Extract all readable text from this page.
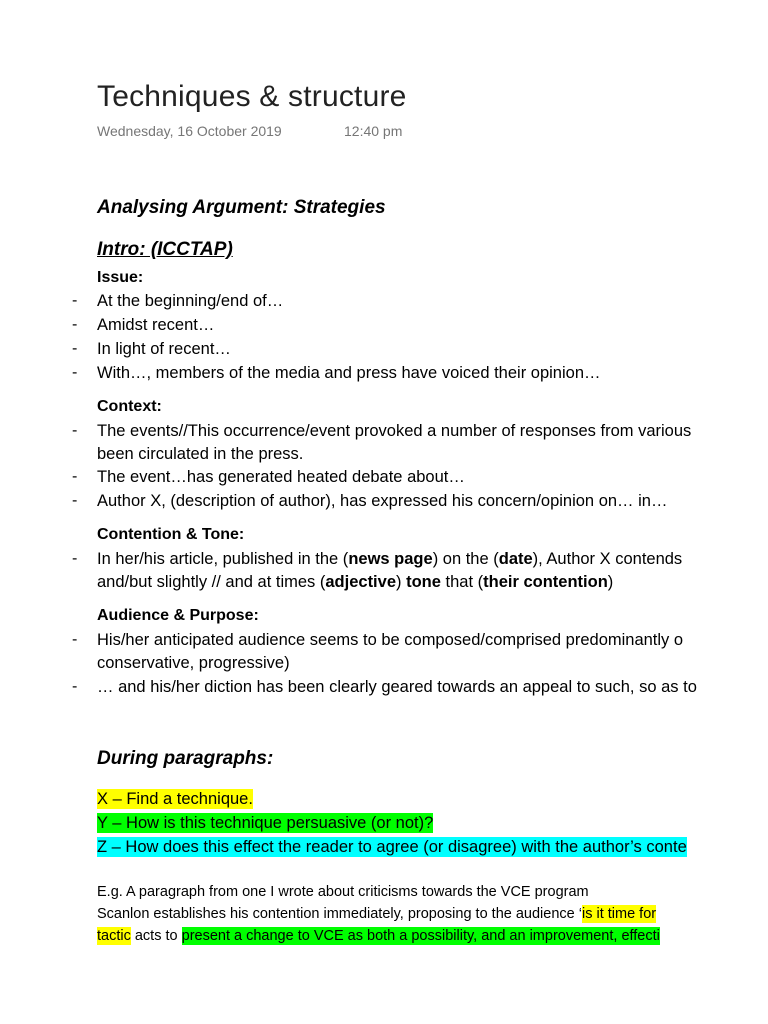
Techniques & structure
Wednesday, 16 October 2019	12:40 pm
Analysing Argument: Strategies
Intro: (ICCTAP)
Issue:
- At the beginning/end of…
- Amidst recent…
- In light of recent…
- With…, members of the media and press have voiced their opinion…
Context:
- The events//This occurrence/event provoked a number of responses from various
been circulated in the press.
- The event…has generated heated debate about…
- Author X, (description of author), has expressed his concern/opinion on… in…
Contention & Tone:
- In her/his article, published in the (news page) on the (date), Author X contends
and/but slightly // and at times (adjective) tone that (their contention)
Audience & Purpose:
- His/her anticipated audience seems to be composed/comprised predominantly o
conservative, progressive)
- … and his/her diction has been clearly geared towards an appeal to such, so as to
During paragraphs:
X – Find a technique.
Y – How is this technique persuasive (or not)?
Z – How does this effect the reader to agree (or disagree) with the author’s conte
E.g. A paragraph from one I wrote about criticisms towards the VCE program
Scanlon establishes his contention immediately, proposing to the audience ‘is it time for
tactic acts to present a change to VCE as both a possibility, and an improvement, effecti
